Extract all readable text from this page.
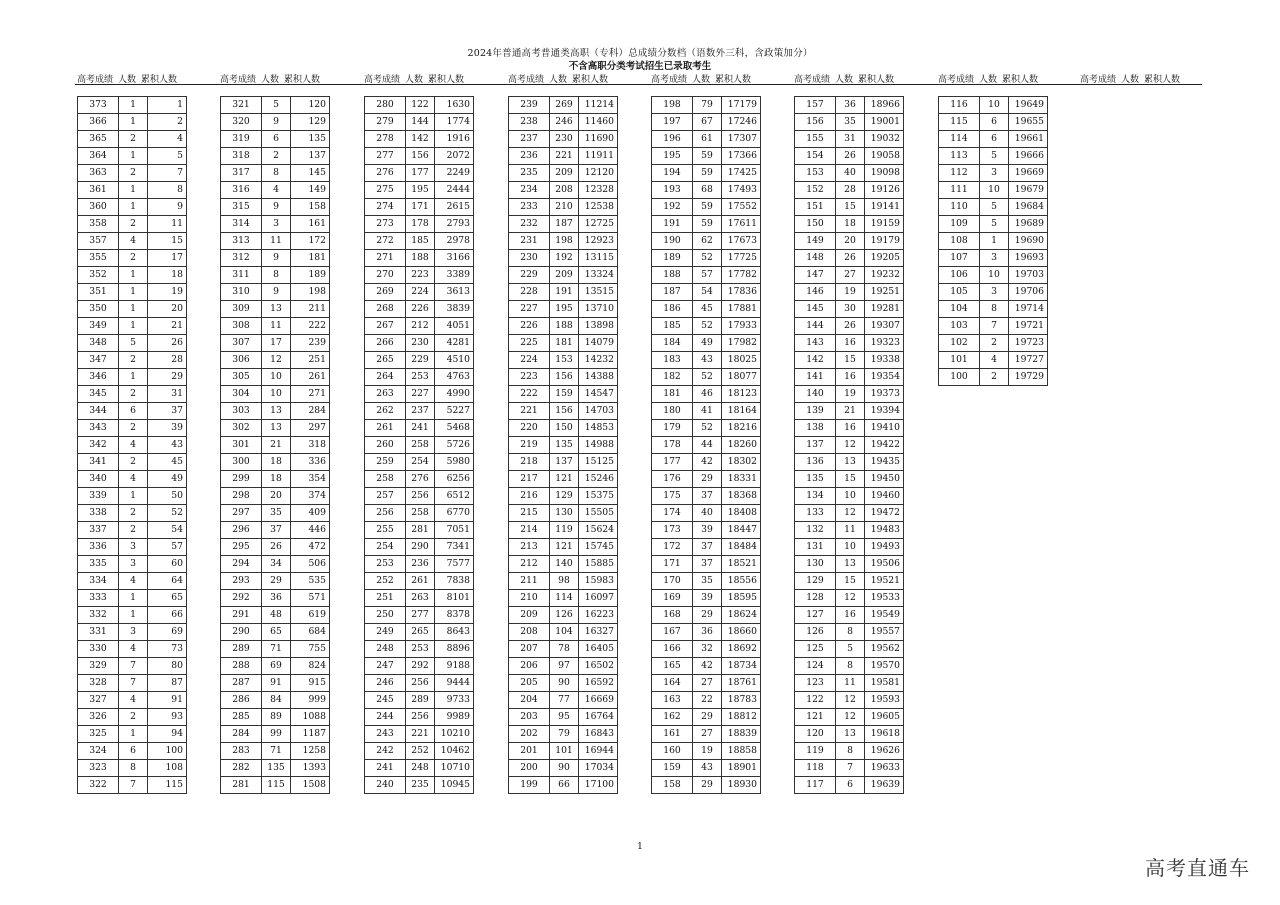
2024年普通高考普通类高职（专科）总成绩分数档（语数外三科，含政策加分）
不含高职分类考试招生已录取考生
高考成绩 人数 累积人数	高考成绩 人数 累积人数	高考成绩 人数 累积人数	高考成绩 人数 累积人数	高考成绩 人数 累积人数	高考成绩 人数 累积人数	高考成绩 人数 累积人数	高考成绩 人数 累积人数
373	1	1
366	1	2
365	2	4
364	1	5
363	2	7
361	1	8
360	1	9
358	2	11
357	4	15
355	2	17
352	1	18
351	1	19
350	1	20
349	1	21
348	5	26
347	2	28
346	1	29
345	2	31
344	6	37
343	2	39
342	4	43
341	2	45
340	4	49
339	1	50
338	2	52
337	2	54
336	3	57
335	3	60
334	4	64
333	1	65
332	1	66
331	3	69
330	4	73
329	7	80
328	7	87
327	4	91
326	2	93
325	1	94
324	6	100
323	8	108
322	7	115
321	5	120
320	9	129
319	6	135
318	2	137
317	8	145
316	4	149
315	9	158
314	3	161
313	11	172
312	9	181
311	8	189
310	9	198
309	13	211
308	11	222
307	17	239
306	12	251
305	10	261
304	10	271
303	13	284
302	13	297
301	21	318
300	18	336
299	18	354
298	20	374
297	35	409
296	37	446
295	26	472
294	34	506
293	29	535
292	36	571
291	48	619
290	65	684
289	71	755
288	69	824
287	91	915
286	84	999
285	89	1088
284	99	1187
283	71	1258
282	135	1393
281	115	1508
280	122	1630
279	144	1774
278	142	1916
277	156	2072
276	177	2249
275	195	2444
274	171	2615
273	178	2793
272	185	2978
271	188	3166
270	223	3389
269	224	3613
268	226	3839
267	212	4051
266	230	4281
265	229	4510
264	253	4763
263	227	4990
262	237	5227
261	241	5468
260	258	5726
259	254	5980
258	276	6256
257	256	6512
256	258	6770
255	281	7051
254	290	7341
253	236	7577
252	261	7838
251	263	8101
250	277	8378
249	265	8643
248	253	8896
247	292	9188
246	256	9444
245	289	9733
244	256	9989
243	221	10210
242	252	10462
241	248	10710
240	235	10945
239	269	11214
238	246	11460
237	230	11690
236	221	11911
235	209	12120
234	208	12328
233	210	12538
232	187	12725
231	198	12923
230	192	13115
229	209	13324
228	191	13515
227	195	13710
226	188	13898
225	181	14079
224	153	14232
223	156	14388
222	159	14547
221	156	14703
220	150	14853
219	135	14988
218	137	15125
217	121	15246
216	129	15375
215	130	15505
214	119	15624
213	121	15745
212	140	15885
211	98	15983
210	114	16097
209	126	16223
208	104	16327
207	78	16405
206	97	16502
205	90	16592
204	77	16669
203	95	16764
202	79	16843
201	101	16944
200	90	17034
199	66	17100
198	79	17179
197	67	17246
196	61	17307
195	59	17366
194	59	17425
193	68	17493
192	59	17552
191	59	17611
190	62	17673
189	52	17725
188	57	17782
187	54	17836
186	45	17881
185	52	17933
184	49	17982
183	43	18025
182	52	18077
181	46	18123
180	41	18164
179	52	18216
178	44	18260
177	42	18302
176	29	18331
175	37	18368
174	40	18408
173	39	18447
172	37	18484
171	37	18521
170	35	18556
169	39	18595
168	29	18624
167	36	18660
166	32	18692
165	42	18734
164	27	18761
163	22	18783
162	29	18812
161	27	18839
160	19	18858
159	43	18901
158	29	18930
157	36	18966
156	35	19001
155	31	19032
154	26	19058
153	40	19098
152	28	19126
151	15	19141
150	18	19159
149	20	19179
148	26	19205
147	27	19232
146	19	19251
145	30	19281
144	26	19307
143	16	19323
142	15	19338
141	16	19354
140	19	19373
139	21	19394
138	16	19410
137	12	19422
136	13	19435
135	15	19450
134	10	19460
133	12	19472
132	11	19483
131	10	19493
130	13	19506
129	15	19521
128	12	19533
127	16	19549
126	8	19557
125	5	19562
124	8	19570
123	11	19581
122	12	19593
121	12	19605
120	13	19618
119	8	19626
118	7	19633
117	6	19639
116	10	19649
115	6	19655
114	6	19661
113	5	19666
112	3	19669
111	10	19679
110	5	19684
109	5	19689
108	1	19690
107	3	19693
106	10	19703
105	3	19706
104	8	19714
103	7	19721
102	2	19723
101	4	19727
100	2	19729
1
高考直通车
